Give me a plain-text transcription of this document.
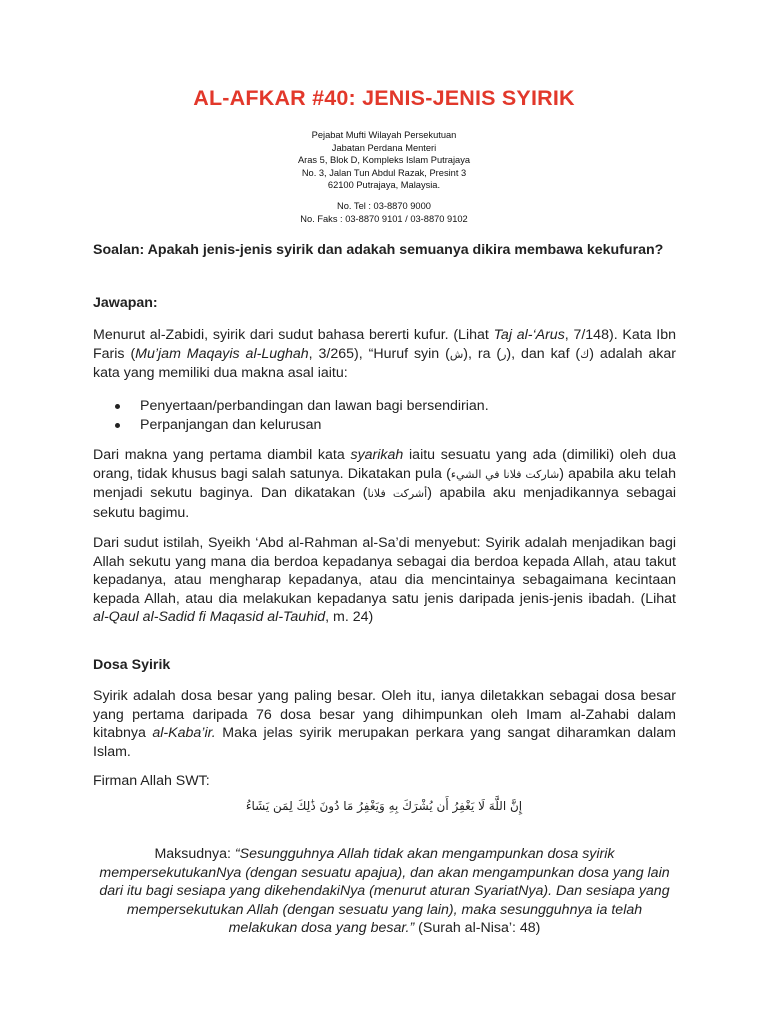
AL-AFKAR #40: JENIS-JENIS SYIRIK
Pejabat Mufti Wilayah Persekutuan
Jabatan Perdana Menteri
Aras 5, Blok D, Kompleks Islam Putrajaya
No. 3, Jalan Tun Abdul Razak, Presint 3
62100 Putrajaya, Malaysia.
No. Tel : 03-8870 9000
No. Faks : 03-8870 9101 / 03-8870 9102
Soalan: Apakah jenis-jenis syirik dan adakah semuanya dikira membawa kekufuran?
Jawapan:
Menurut al-Zabidi, syirik dari sudut bahasa bererti kufur. (Lihat Taj al-‘Arus, 7/148). Kata Ibn Faris (Mu’jam Maqayis al-Lughah, 3/265), “Huruf syin (ش), ra (ر), dan kaf (ك) adalah akar kata yang memiliki dua makna asal iaitu:
Penyertaan/perbandingan dan lawan bagi bersendirian.
Perpanjangan dan kelurusan
Dari makna yang pertama diambil kata syarikah iaitu sesuatu yang ada (dimiliki) oleh dua orang, tidak khusus bagi salah satunya. Dikatakan pula (شاركت فلانا في الشيء) apabila aku telah menjadi sekutu baginya. Dan dikatakan (أشركت فلانا) apabila aku menjadikannya sebagai sekutu bagimu.
Dari sudut istilah, Syeikh ‘Abd al-Rahman al-Sa’di menyebut: Syirik adalah menjadikan bagi Allah sekutu yang mana dia berdoa kepadanya sebagai dia berdoa kepada Allah, atau takut kepadanya, atau mengharap kepadanya, atau dia mencintainya sebagaimana kecintaan kepada Allah, atau dia melakukan kepadanya satu jenis daripada jenis-jenis ibadah. (Lihat al-Qaul al-Sadid fi Maqasid al-Tauhid, m. 24)
Dosa Syirik
Syirik adalah dosa besar yang paling besar. Oleh itu, ianya diletakkan sebagai dosa besar yang pertama daripada 76 dosa besar yang dihimpunkan oleh Imam al-Zahabi dalam kitabnya al-Kaba’ir. Maka jelas syirik merupakan perkara yang sangat diharamkan dalam Islam.
Firman Allah SWT:
إِنَّ اللَّهَ لَا يَغْفِرُ أَن يُشْرَكَ بِهِ وَيَغْفِرُ مَا دُونَ ذَٰلِكَ لِمَن يَشَاءُ
Maksudnya: “Sesungguhnya Allah tidak akan mengampunkan dosa syirik mempersekutukanNya (dengan sesuatu apajua), dan akan mengampunkan dosa yang lain dari itu bagi sesiapa yang dikehendakiNya (menurut aturan SyariatNya). Dan sesiapa yang mempersekutukan Allah (dengan sesuatu yang lain), maka sesungguhnya ia telah melakukan dosa yang besar.” (Surah al-Nisa’: 48)
